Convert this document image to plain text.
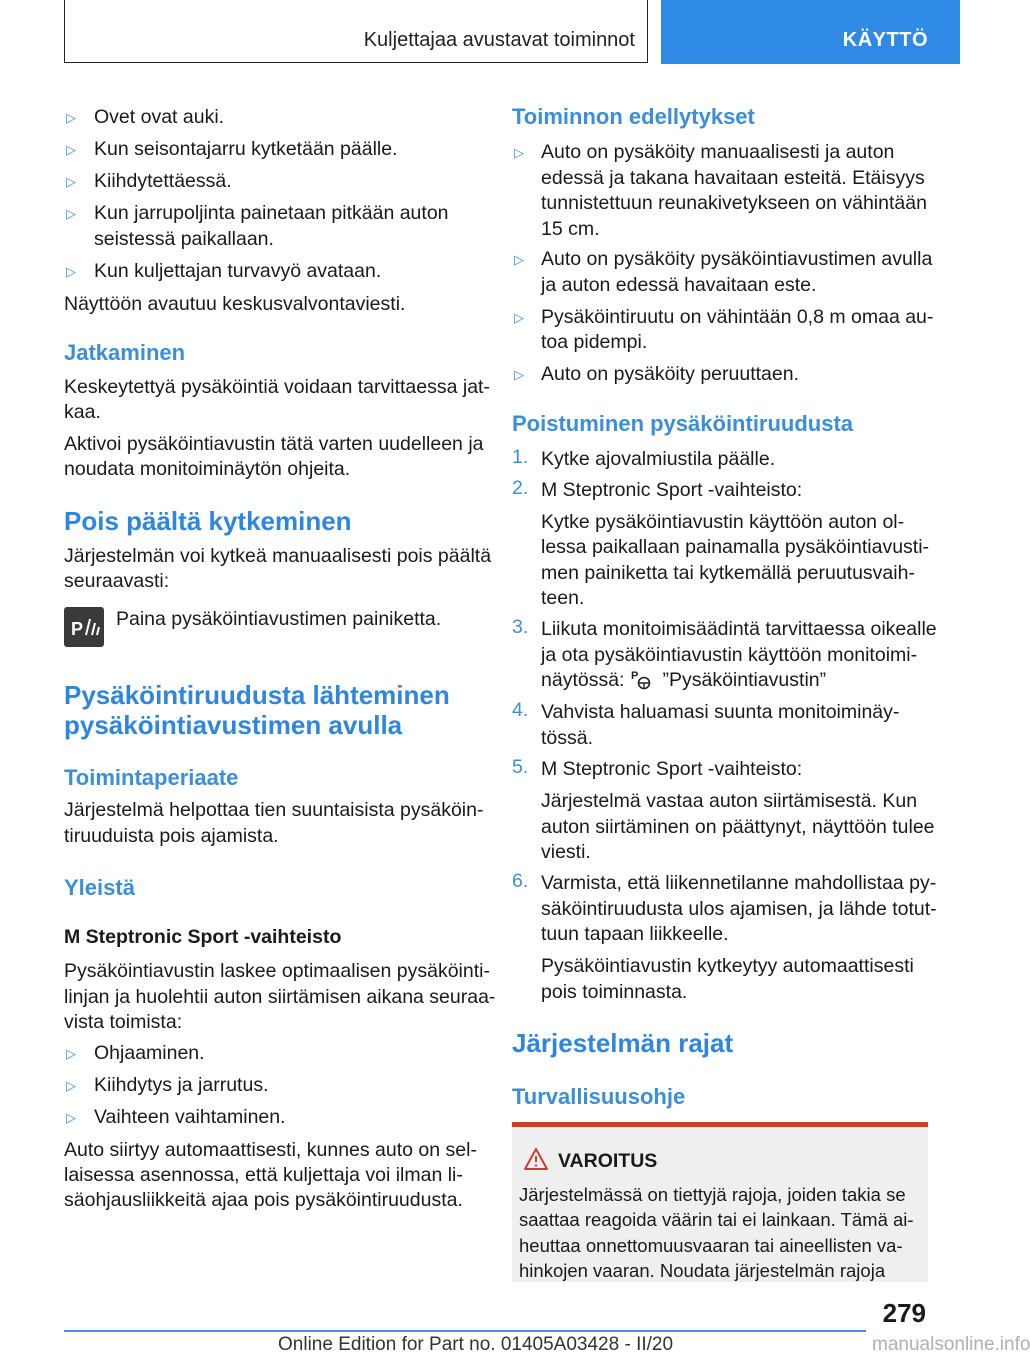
Kuljettajaa avustavat toiminnot	KÄYTTÖ
▷ Ovet ovat auki.
▷ Kun seisontajarru kytketään päälle.
▷ Kiihdytettäessä.
▷ Kun jarrupoljinta painetaan pitkään auton
seistessä paikallaan.
▷ Kun kuljettajan turvavyö avataan.
Näyttöön avautuu keskusvalvontaviesti.
Jatkaminen
Keskeytettyä pysäköintiä voidaan tarvittaessa jat-
kaa.
Aktivoi pysäköintiavustin tätä varten uudelleen ja
noudata monitoiminäytön ohjeita.
Pois päältä kytkeminen
Järjestelmän voi kytkeä manuaalisesti pois päältä
seuraavasti:
P Paina pysäköintiavustimen painiketta.
Pysäköintiruudusta lähteminen
pysäköintiavustimen avulla
Toimintaperiaate
Järjestelmä helpottaa tien suuntaisista pysäköin-
tiruuduista pois ajamista.
Yleistä
M Steptronic Sport -vaihteisto
Pysäköintiavustin laskee optimaalisen pysäköinti-
linjan ja huolehtii auton siirtämisen aikana seuraa-
vista toimista:
▷ Ohjaaminen.
▷ Kiihdytys ja jarrutus.
▷ Vaihteen vaihtaminen.
Auto siirtyy automaattisesti, kunnes auto on sel-
laisessa asennossa, että kuljettaja voi ilman li-
säohjausliikkeitä ajaa pois pysäköintiruudusta.
Toiminnon edellytykset
▷ Auto on pysäköity manuaalisesti ja auton
edessä ja takana havaitaan esteitä. Etäisyys
tunnistettuun reunakivetykseen on vähintään
15 cm.
▷ Auto on pysäköity pysäköintiavustimen avulla
ja auton edessä havaitaan este.
▷ Pysäköintiruutu on vähintään 0,8 m omaa au-
toa pidempi.
▷ Auto on pysäköity peruuttaen.
Poistuminen pysäköintiruudusta
1. Kytke ajovalmiustila päälle.
2. M Steptronic Sport -vaihteisto:
Kytke pysäköintiavustin käyttöön auton ol-
lessa paikallaan painamalla pysäköintiavusti-
men painiketta tai kytkemällä peruutusvaih-
teen.
3. Liikuta monitoimisäädintä tarvittaessa oikealle
ja ota pysäköintiavustin käyttöön monitoimi-
näytössä: P ”Pysäköintiavustin”
4. Vahvista haluamasi suunta monitoiminäy-
tössä.
5. M Steptronic Sport -vaihteisto:
Järjestelmä vastaa auton siirtämisestä. Kun
auton siirtäminen on päättynyt, näyttöön tulee
viesti.
6. Varmista, että liikennetilanne mahdollistaa py-
säköintiruudusta ulos ajamisen, ja lähde totut-
tuun tapaan liikkeelle.
Pysäköintiavustin kytkeytyy automaattisesti
pois toiminnasta.
Järjestelmän rajat
Turvallisuusohje
VAROITUS
Järjestelmässä on tiettyjä rajoja, joiden takia se
saattaa reagoida väärin tai ei lainkaan. Tämä ai-
heuttaa onnettomuusvaaran tai aineellisten va-
hinkojen vaaran. Noudata järjestelmän rajoja
279
Online Edition for Part no. 01405A03428 - II/20	manualsonline.info
